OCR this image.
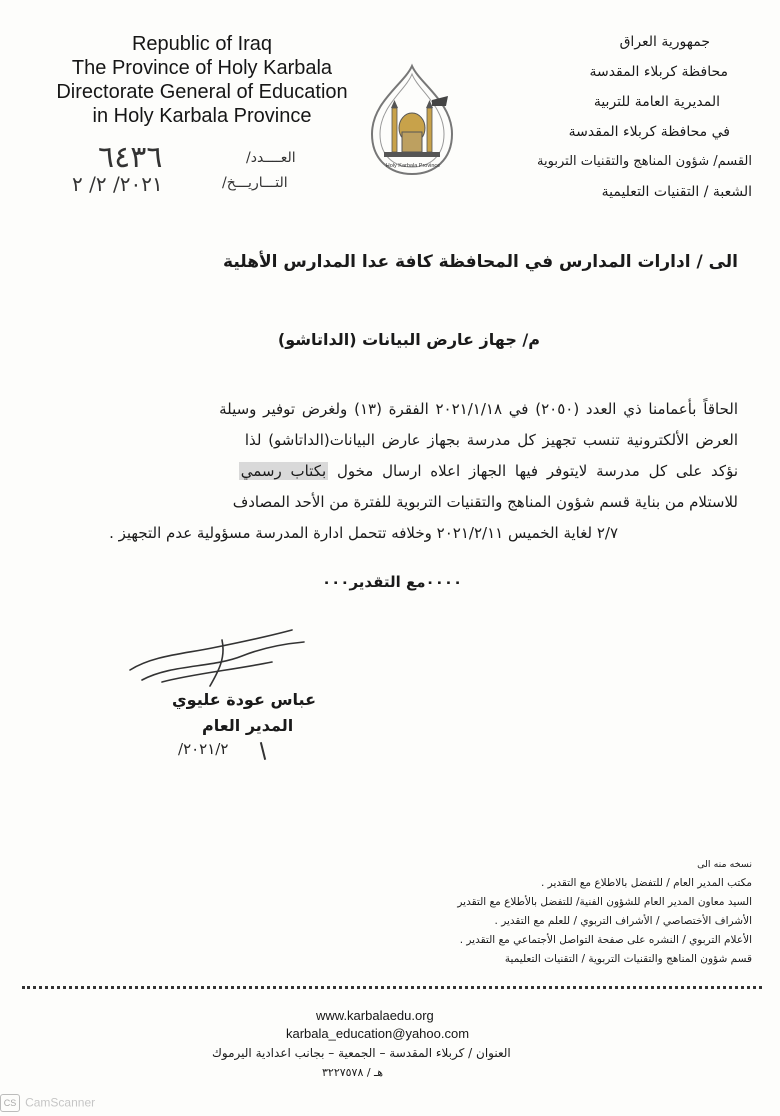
Republic of Iraq
The Province of Holy Karbala
Directorate General of Education
in Holy Karbala Province
جمهورية العراق
محافظة كربلاء المقدسة
المديرية العامة للتربية
في محافظة كربلاء المقدسة
القسم/ شؤون المناهج والتقنيات التربوية
الشعبة / التقنيات التعليمية
Holy Karbala Province
العــــدد/
٦٤٣٦
التـــاريـــخ/
٢٠٢١/ ٢/ ٢
الى / ادارات المدارس في المحافظة كافة عدا المدارس الأهلية
م/ جهاز عارض البيانات (الداتاشو)
الحاقاً بأعمامنا ذي العدد (٢٠٥٠) في ٢٠٢١/١/١٨ الفقرة (١٣) ولغرض توفير وسيلة
العرض الألكترونية تنسب تجهيز كل مدرسة بجهاز عارض البيانات(الداتاشو) لذا
نؤكد على كل مدرسة لايتوفر فيها الجهاز اعلاه ارسال مخول بكتاب رسمي
للاستلام من بناية قسم شؤون المناهج والتقنيات التربوية للفترة من الأحد المصادف
٢/٧ لغاية الخميس ٢٠٢١/٢/١١ وخلافه تتحمل ادارة المدرسة مسؤولية عدم التجهيز .
٠٠٠٠مع التقدير٠٠٠
عباس عودة عليوي
المدير العام
٢٠٢١/٢/
نسخه منه الى
مكتب المدير العام / للتفضل بالاطلاع مع التقدير .
السيد معاون المدير العام للشؤون الفنية/ للتفضل بالأطلاع مع التقدير
الأشراف الأختصاصي / الأشراف التربوي / للعلم مع التقدير .
الأعلام التربوي / النشره على صفحة التواصل الأجتماعي مع التقدير .
قسم شؤون المناهج والتقنيات التربوية / التقنيات التعليمية
www.karbalaedu.org
karbala_education@yahoo.com
العنوان / كربلاء المقدسة – الجمعية – بجانب اعدادية اليرموك
هـ / ٣٢٢٧٥٧٨
CS CamScanner
